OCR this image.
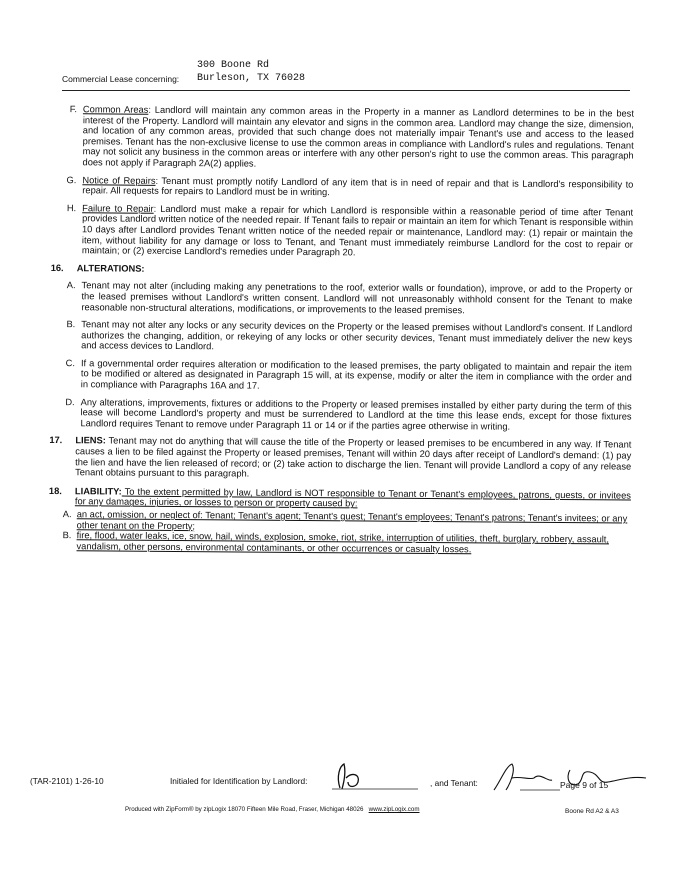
300 Boone Rd
Commercial Lease concerning: Burleson, TX 76028
F. Common Areas: Landlord will maintain any common areas in the Property in a manner as Landlord determines to be in the best interest of the Property. Landlord will maintain any elevator and signs in the common area. Landlord may change the size, dimension, and location of any common areas, provided that such change does not materially impair Tenant's use and access to the leased premises. Tenant has the non-exclusive license to use the common areas in compliance with Landlord's rules and regulations. Tenant may not solicit any business in the common areas or interfere with any other person's right to use the common areas. This paragraph does not apply if Paragraph 2A(2) applies.
G. Notice of Repairs: Tenant must promptly notify Landlord of any item that is in need of repair and that is Landlord's responsibility to repair. All requests for repairs to Landlord must be in writing.
H. Failure to Repair: Landlord must make a repair for which Landlord is responsible within a reasonable period of time after Tenant provides Landlord written notice of the needed repair. If Tenant fails to repair or maintain an item for which Tenant is responsible within 10 days after Landlord provides Tenant written notice of the needed repair or maintenance, Landlord may: (1) repair or maintain the item, without liability for any damage or loss to Tenant, and Tenant must immediately reimburse Landlord for the cost to repair or maintain; or (2) exercise Landlord's remedies under Paragraph 20.
16.	ALTERATIONS:
A. Tenant may not alter (including making any penetrations to the roof, exterior walls or foundation), improve, or add to the Property or the leased premises without Landlord's written consent. Landlord will not unreasonably withhold consent for the Tenant to make reasonable non-structural alterations, modifications, or improvements to the leased premises.
B. Tenant may not alter any locks or any security devices on the Property or the leased premises without Landlord's consent. If Landlord authorizes the changing, addition, or rekeying of any locks or other security devices, Tenant must immediately deliver the new keys and access devices to Landlord.
C. If a governmental order requires alteration or modification to the leased premises, the party obligated to maintain and repair the item to be modified or altered as designated in Paragraph 15 will, at its expense, modify or alter the item in compliance with the order and in compliance with Paragraphs 16A and 17.
D. Any alterations, improvements, fixtures or additions to the Property or leased premises installed by either party during the term of this lease will become Landlord's property and must be surrendered to Landlord at the time this lease ends, except for those fixtures Landlord requires Tenant to remove under Paragraph 11 or 14 or if the parties agree otherwise in writing.
17.	LIENS: Tenant may not do anything that will cause the title of the Property or leased premises to be encumbered in any way. If Tenant causes a lien to be filed against the Property or leased premises, Tenant will within 20 days after receipt of Landlord's demand: (1) pay the lien and have the lien released of record; or (2) take action to discharge the lien. Tenant will provide Landlord a copy of any release Tenant obtains pursuant to this paragraph.
18.	LIABILITY: To the extent permitted by law, Landlord is NOT responsible to Tenant or Tenant's employees, patrons, guests, or invitees for any damages, injuries, or losses to person or property caused by:
A. an act, omission, or neglect of: Tenant; Tenant's agent; Tenant's guest; Tenant's employees; Tenant's patrons; Tenant's invitees; or any other tenant on the Property;
B. fire, flood, water leaks, ice, snow, hail, winds, explosion, smoke, riot, strike, interruption of utilities, theft, burglary, robbery, assault, vandalism, other persons, environmental contaminants, or other occurrences or casualty losses.
(TAR-2101) 1-26-10	Initialed for Identification by Landlord:	, and Tenant:	Page 9 of 15
Produced with ZipForm® by zipLogix 18070 Fifteen Mile Road, Fraser, Michigan 48026 www.zipLogix.com	Boone Rd A2 & A3
